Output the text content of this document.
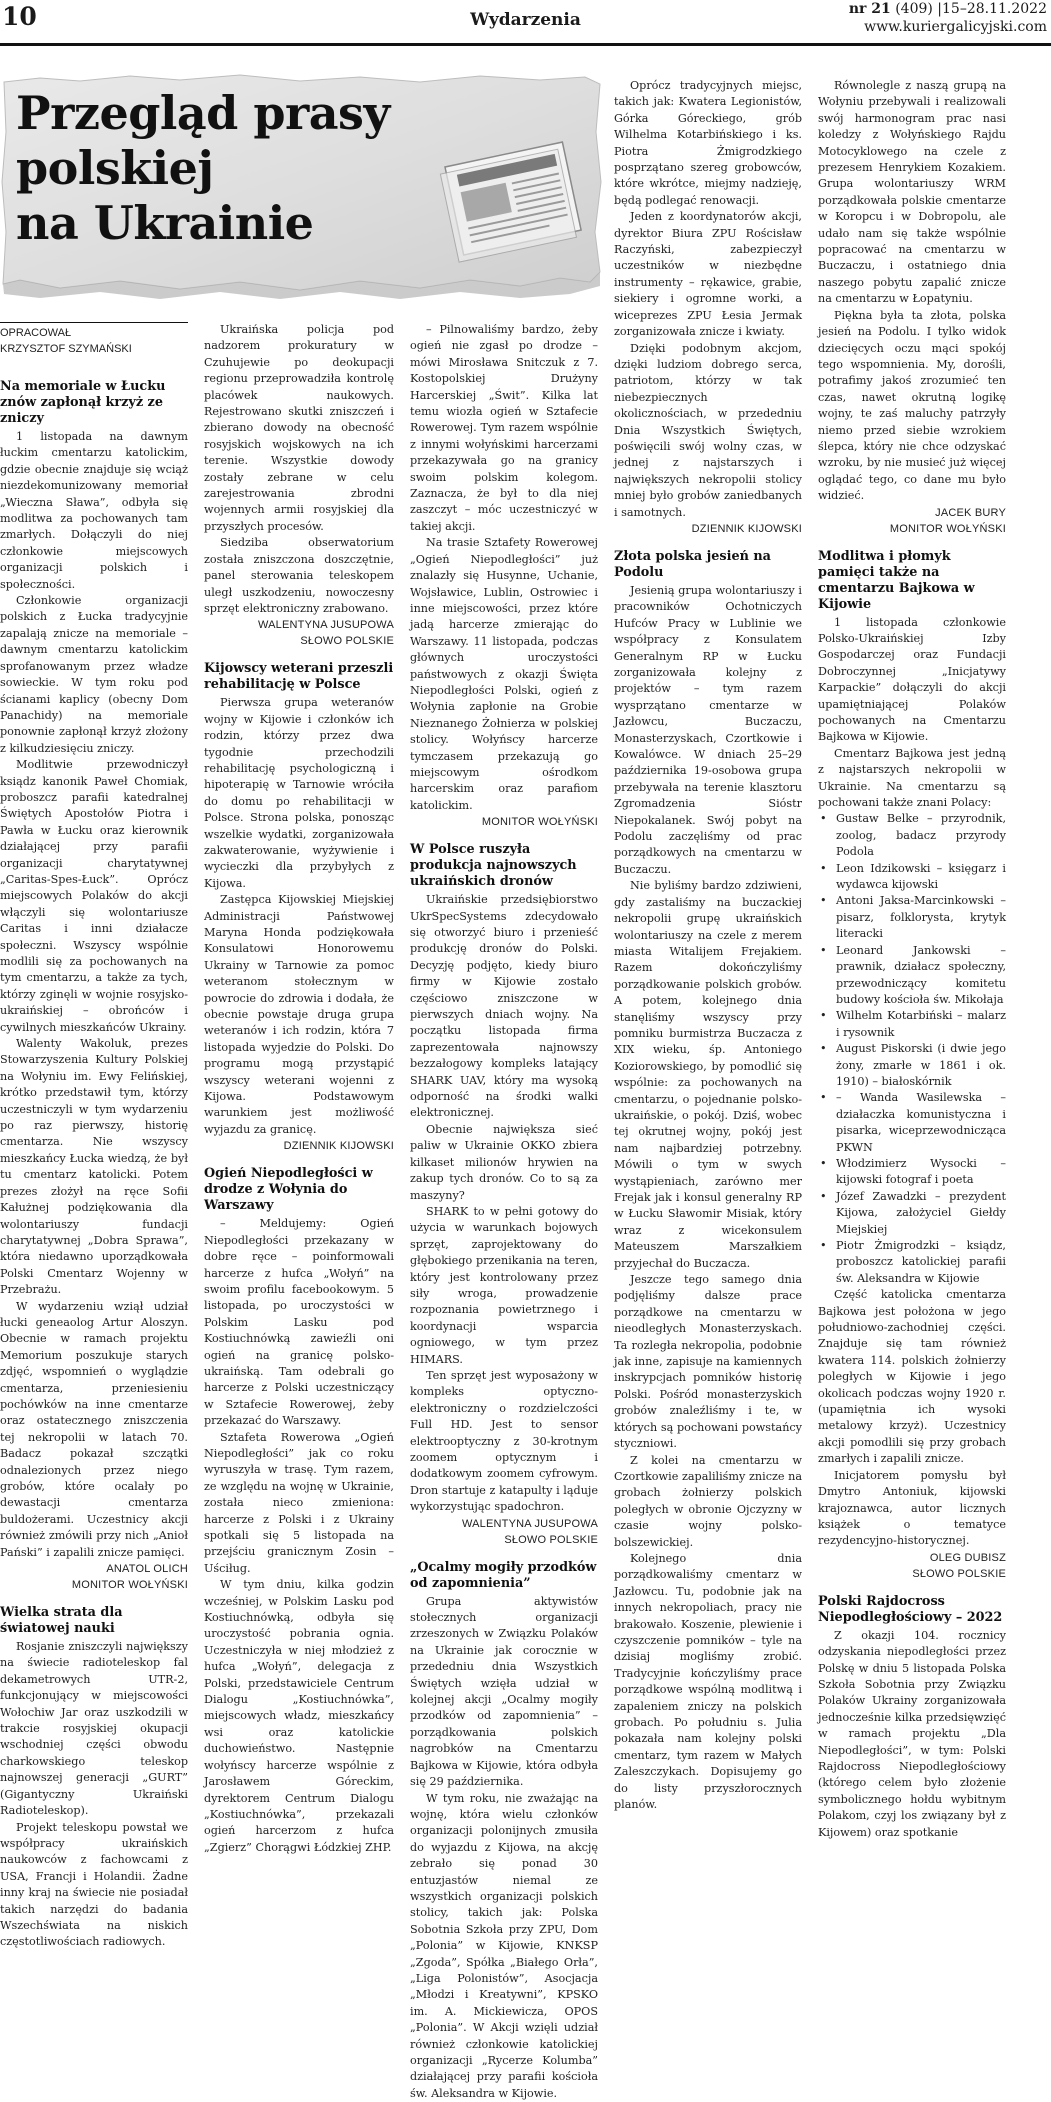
10	Wydarzenia
nr 21 (409) |15–28.11.2022
www.kuriergalicyjski.com
Przegląd prasy
polskiej
na Ukrainie
OPRACOWAŁ
KRZYSZTOF SZYMAŃSKI
Na memoriale w Łucku znów zapłonął krzyż ze zniczy

1 listopada na dawnym łuckim cmentarzu katolickim, gdzie obecnie znajduje się wciąż niezdekomunizowany memoriał „Wieczna Sława”, odbyła się modlitwa za pochowanych tam zmarłych. Dołączyli do niej członkowie miejscowych organizacji polskich i społeczności.

Członkowie organizacji polskich z Łucka tradycyjnie zapalają znicze na memoriale – dawnym cmentarzu katolickim sprofanowanym przez władze sowieckie. W tym roku pod ścianami kaplicy (obecny Dom Panachidy) na memoriale ponownie zapłonął krzyż złożony z kilkudziesięciu zniczy.

Modlitwie przewodniczył ksiądz kanonik Paweł Chomiak, proboszcz parafii katedralnej Świętych Apostołów Piotra i Pawła w Łucku oraz kierownik działającej przy parafii organizacji charytatywnej „Caritas-Spes-Łuck”. Oprócz miejscowych Polaków do akcji włączyli się wolontariusze Caritas i inni działacze społeczni. Wszyscy wspólnie modlili się za pochowanych na tym cmentarzu, a także za tych, którzy zginęli w wojnie rosyjsko-ukraińskiej – obrońców i cywilnych mieszkańców Ukrainy.

Walenty Wakoluk, prezes Stowarzyszenia Kultury Polskiej na Wołyniu im. Ewy Felińskiej, krótko przedstawił tym, którzy uczestniczyli w tym wydarzeniu po raz pierwszy, historię cmentarza. Nie wszyscy mieszkańcy Łucka wiedzą, że był tu cmentarz katolicki. Potem prezes złożył na ręce Sofii Kałużnej podziękowania dla wolontariuszy fundacji charytatywnej „Dobra Sprawa”, która niedawno uporządkowała Polski Cmentarz Wojenny w Przebrażu.

W wydarzeniu wziął udział łucki geneaolog Artur Aloszyn. Obecnie w ramach projektu Memorium poszukuje starych zdjęć, wspomnień o wyglądzie cmentarza, przeniesieniu pochówków na inne cmentarze oraz ostatecznego zniszczenia tej nekropolii w latach 70. Badacz pokazał szczątki odnalezionych przez niego grobów, które ocalały po dewastacji cmentarza buldożerami. Uczestnicy akcji również zmówili przy nich „Anioł Pański” i zapalili znicze pamięci.

ANATOL OLICH
MONITOR WOŁYŃSKI
Wielka strata dla światowej nauki

Rosjanie zniszczyli największy na świecie radioteleskop fal dekametrowych UTR-2, funkcjonujący w miejscowości Wołochiw Jar oraz uszkodzili w trakcie rosyjskiej okupacji wschodniej części obwodu charkowskiego teleskop najnowszej generacji „GURT” (Gigantyczny Ukraiński Radioteleskop).

Projekt teleskopu powstał we współpracy ukraińskich naukowców z fachowcami z USA, Francji i Holandii. Żadne inny kraj na świecie nie posiadał takich narzędzi do badania Wszechświata na niskich częstotliwościach radiowych.

Ukraińska policja pod nadzorem prokuratury w Czuhujewie po deokupacji regionu przeprowadziła kontrolę placówek naukowych. Rejestrowano skutki zniszczeń i zbierano dowody na obecność rosyjskich wojskowych na ich terenie. Wszystkie dowody zostały zebrane w celu zarejestrowania zbrodni wojennych armii rosyjskiej dla przyszłych procesów.

Siedziba obserwatorium została zniszczona doszczętnie, panel sterowania teleskopem uległ uszkodzeniu, nowoczesny sprzęt elektroniczny zrabowano.

WALENTYNA JUSUPOWA
SŁOWO POLSKIE
Kijowscy weterani przeszli rehabilitację w Polsce

Pierwsza grupa weteranów wojny w Kijowie i członków ich rodzin, którzy przez dwa tygodnie przechodzili rehabilitację psychologiczną i hipoterapię w Tarnowie wróciła do domu po rehabilitacji w Polsce. Strona polska, ponosząc wszelkie wydatki, zorganizowała zakwaterowanie, wyżywienie i wycieczki dla przybyłych z Kijowa.

Zastępca Kijowskiej Miejskiej Administracji Państwowej Maryna Honda podziękowała Konsulatowi Honorowemu Ukrainy w Tarnowie za pomoc weteranom stołecznym w powrocie do zdrowia i dodała, że obecnie powstaje druga grupa weteranów i ich rodzin, która 7 listopada wyjedzie do Polski. Do programu mogą przystąpić wszyscy weterani wojenni z Kijowa. Podstawowym warunkiem jest możliwość wyjazdu za granicę.

DZIENNIK KIJOWSKI
Ogień Niepodległości w drodze z Wołynia do Warszawy

– Meldujemy: Ogień Niepodległości przekazany w dobre ręce – poinformowali harcerze z hufca „Wołyń” na swoim profilu facebookowym. 5 listopada, po uroczystości w Polskim Lasku pod Kostiuchnówką zawieźli oni ogień na granicę polsko-ukraińską. Tam odebrali go harcerze z Polski uczestniczący w Sztafecie Rowerowej, żeby przekazać do Warszawy.

Sztafeta Rowerowa „Ogień Niepodległości” jak co roku wyruszyła w trasę. Tym razem, ze względu na wojnę w Ukrainie, została nieco zmieniona: harcerze z Polski i z Ukrainy spotkali się 5 listopada na przejściu granicznym Zosin – Uściług.

W tym dniu, kilka godzin wcześniej, w Polskim Lasku pod Kostiuchnówką, odbyła się uroczystość pobrania ognia. Uczestniczyła w niej młodzież z hufca „Wołyń”, delegacja z Polski, przedstawiciele Centrum Dialogu „Kostiuchnówka”, miejscowych władz, mieszkańcy wsi oraz katolickie duchowieństwo. Następnie wołyńscy harcerze wspólnie z Jarosławem Góreckim, dyrektorem Centrum Dialogu „Kostiuchnówka”, przekazali ogień harcerzom z hufca „Zgierz” Chorągwi Łódzkiej ZHP.

– Pilnowaliśmy bardzo, żeby ogień nie zgasł po drodze – mówi Mirosława Snitczuk z 7. Kostopolskiej Drużyny Harcerskiej „Świt”. Kilka lat temu wiozła ogień w Sztafecie Rowerowej. Tym razem wspólnie z innymi wołyńskimi harcerzami przekazywała go na granicy swoim polskim kolegom. Zaznacza, że był to dla niej zaszczyt – móc uczestniczyć w takiej akcji.

Na trasie Sztafety Rowerowej „Ogień Niepodległości” już znalazły się Husynne, Uchanie, Wojsławice, Lublin, Ostrowiec i inne miejscowości, przez które jadą harcerze zmierając do Warszawy. 11 listopada, podczas głównych uroczystości państwowych z okazji Święta Niepodległości Polski, ogień z Wołynia zapłonie na Grobie Nieznanego Żołnierza w polskiej stolicy. Wołyńscy harcerze tymczasem przekazują go miejscowym ośrodkom harcerskim oraz parafiom katolickim.

MONITOR WOŁYŃSKI
W Polsce ruszyła produkcja najnowszych ukraińskich dronów

Ukraińskie przedsiębiorstwo UkrSpecSystems zdecydowało się otworzyć biuro i przenieść produkcję dronów do Polski. Decyzję podjęto, kiedy biuro firmy w Kijowie zostało częściowo zniszczone w pierwszych dniach wojny. Na początku listopada firma zaprezentowała najnowszy bezzałogowy kompleks latający SHARK UAV, który ma wysoką odporność na środki walki elektronicznej.

Obecnie największa sieć paliw w Ukrainie OKKO zbiera kilkaset milionów hrywien na zakup tych dronów. Co to są za maszyny?

SHARK to w pełni gotowy do użycia w warunkach bojowych sprzęt, zaprojektowany do głębokiego przenikania na teren, który jest kontrolowany przez siły wroga, prowadzenie rozpoznania powietrznego i koordynacji wsparcia ogniowego, w tym przez HIMARS.

Ten sprzęt jest wyposażony w kompleks optyczno-elektroniczny o rozdzielczości Full HD. Jest to sensor elektrooptyczny z 30-krotnym zoomem optycznym i dodatkowym zoomem cyfrowym. Dron startuje z katapulty i ląduje wykorzystując spadochron.

WALENTYNA JUSUPOWA
SŁOWO POLSKIE
„Ocalmy mogiły przodków od zapomnienia”

Grupa aktywistów stołecznych organizacji zrzeszonych w Związku Polaków na Ukrainie jak corocznie w przededniu dnia Wszystkich Świętych wzięła udział w kolejnej akcji „Ocalmy mogiły przodków od zapomnienia” – porządkowania polskich nagrobków na Cmentarzu Bajkowa w Kijowie, która odbyła się 29 października.

W tym roku, nie zważając na wojnę, która wielu członków organizacji polonijnych zmusiła do wyjazdu z Kijowa, na akcję zebrało się ponad 30 entuzjastów niemal ze wszystkich organizacji polskich stolicy, takich jak: Polska Sobotnia Szkoła przy ZPU, Dom „Polonia” w Kijowie, KNKSP „Zgoda”, Spółka „Białego Orła”, „Liga Polonistów”, Asocjacja „Młodzi i Kreatywni”, KPSKO im. A. Mickiewicza, OPOS „Polonia”. W Akcji wzięli udział również członkowie katolickiej organizacji „Rycerze Kolumba” działającej przy parafii kościoła św. Aleksandra w Kijowie.

Oprócz tradycyjnych miejsc, takich jak: Kwatera Legionistów, Górka Góreckiego, grób Wilhelma Kotarbińskiego i ks. Piotra Żmigrodzkiego posprzątano szereg grobowców, które wkrótce, miejmy nadzieję, będą podlegać renowacji.

Jeden z koordynatorów akcji, dyrektor Biura ZPU Rościsław Raczyński, zabezpieczył uczestników w niezbędne instrumenty – rękawice, grabie, siekiery i ogromne worki, a wiceprezes ZPU Łesia Jermak zorganizowała znicze i kwiaty.

Dzięki podobnym akcjom, dzięki ludziom dobrego serca, patriotom, którzy w tak niebezpiecznych okolicznościach, w przededniu Dnia Wszystkich Świętych, poświęcili swój wolny czas, w jednej z najstarszych i największych nekropolii stolicy mniej było grobów zaniedbanych i samotnych.

DZIENNIK KIJOWSKI
Złota polska jesień na Podolu

Jesienią grupa wolontariuszy i pracowników Ochotniczych Hufców Pracy w Lublinie we współpracy z Konsulatem Generalnym RP w Łucku zorganizowała kolejny z projektów – tym razem wysprzątano cmentarze w Jazłowcu, Buczaczu, Monasterzyskach, Czortkowie i Kowalówce. W dniach 25–29 października 19-osobowa grupa przebywała na terenie klasztoru Zgromadzenia Sióstr Niepokalanek. Swój pobyt na Podolu zaczęliśmy od prac porządkowych na cmentarzu w Buczaczu.

Nie byliśmy bardzo zdziwieni, gdy zastaliśmy na buczackiej nekropolii grupę ukraińskich wolontariuszy na czele z merem miasta Witalijem Frejakiem. Razem dokończyliśmy porządkowanie polskich grobów. A potem, kolejnego dnia stanęliśmy wszyscy przy pomniku burmistrza Buczacza z XIX wieku, śp. Antoniego Koziorowskiego, by pomodlić się wspólnie: za pochowanych na cmentarzu, o pojednanie polsko-ukraińskie, o pokój. Dziś, wobec tej okrutnej wojny, pokój jest nam najbardziej potrzebny. Mówili o tym w swych wystąpieniach, zarówno mer Frejak jak i konsul generalny RP w Łucku Sławomir Misiak, który wraz z wicekonsulem Mateuszem Marszałkiem przyjechał do Buczacza.

Jeszcze tego samego dnia podjęliśmy dalsze prace porządkowe na cmentarzu w nieodległych Monasterzyskach. Ta rozległa nekropolia, podobnie jak inne, zapisuje na kamiennych inskrypcjach pomników historię Polski. Pośród monasterzyskich grobów znaleźliśmy i te, w których są pochowani powstańcy styczniowi.

Z kolei na cmentarzu w Czortkowie zapaliliśmy znicze na grobach żołnierzy polskich poległych w obronie Ojczyzny w czasie wojny polsko-bolszewickiej.

Kolejnego dnia porządkowaliśmy cmentarz w Jazłowcu. Tu, podobnie jak na innych nekropoliach, pracy nie brakowało. Koszenie, plewienie i czyszczenie pomników – tyle na dzisiaj mogliśmy zrobić. Tradycyjnie kończyliśmy prace porządkowe wspólną modlitwą i zapaleniem zniczy na polskich grobach. Po południu s. Julia pokazała nam kolejny polski cmentarz, tym razem w Małych Zaleszczykach. Dopisujemy go do listy przyszłorocznych planów.

Równolegle z naszą grupą na Wołyniu przebywali i realizowali swój harmonogram prac nasi koledzy z Wołyńskiego Rajdu Motocyklowego na czele z prezesem Henrykiem Kozakiem. Grupa wolontariuszy WRM porządkowała polskie cmentarze w Koropcu i w Dobropolu, ale udało nam się także wspólnie popracować na cmentarzu w Buczaczu, i ostatniego dnia naszego pobytu zapalić znicze na cmentarzu w Łopatyniu.

Piękna była ta złota, polska jesień na Podolu. I tylko widok dziecięcych oczu mąci spokój tego wspomnienia. My, dorośli, potrafimy jakoś zrozumieć ten czas, nawet okrutną logikę wojny, te zaś maluchy patrzyły niemo przed siebie wzrokiem ślepca, który nie chce odzyskać wzroku, by nie musieć już więcej oglądać tego, co dane mu było widzieć.

JACEK BURY
MONITOR WOŁYŃSKI
Modlitwa i płomyk pamięci także na cmentarzu Bajkowa w Kijowie

1 listopada członkowie Polsko-Ukraińskiej Izby Gospodarczej oraz Fundacji Dobroczynnej „Inicjatywy Karpackie” dołączyli do akcji upamiętniającej Polaków pochowanych na Cmentarzu Bajkowa w Kijowie.

Cmentarz Bajkowa jest jedną z najstarszych nekropolii w Ukrainie. Na cmentarzu są pochowani także znani Polacy:

• Gustaw Belke – przyrodnik, zoolog, badacz przyrody Podola
• Leon Idzikowski – księgarz i wydawca kijowski
• Antoni Jaksa-Marcinkowski – pisarz, folklorysta, krytyk literacki
• Leonard Jankowski – prawnik, działacz społeczny, przewodniczący komitetu budowy kościoła św. Mikołaja
• Wilhelm Kotarbiński – malarz i rysownik
• August Piskorski (i dwie jego żony, zmarłe w 1861 i ok. 1910) – białoskórnik
• – Wanda Wasilewska – działaczka komunistyczna i pisarka, wiceprzewodnicząca PKWN
• Włodzimierz Wysocki – kijowski fotograf i poeta
• Józef Zawadzki – prezydent Kijowa, założyciel Giełdy Miejskiej
• Piotr Żmigrodzki – ksiądz, proboszcz katolickiej parafii św. Aleksandra w Kijowie

Część katolicka cmentarza Bajkowa jest położona w jego południowo-zachodniej części. Znajduje się tam również kwatera 114. polskich żołnierzy poległych w Kijowie i jego okolicach podczas wojny 1920 r. (upamiętnia ich wysoki metalowy krzyż). Uczestnicy akcji pomodlili się przy grobach zmarłych i zapalili znicze.

Inicjatorem pomysłu był Dmytro Antoniuk, kijowski krajoznawca, autor licznych książek o tematyce rezydencyjno-historycznej.

OLEG DUBISZ
SŁOWO POLSKIE
Polski Rajdocross Niepodległościowy – 2022

Z okazji 104. rocznicy odzyskania niepodległości przez Polskę w dniu 5 listopada Polska Szkoła Sobotnia przy Związku Polaków Ukrainy zorganizowała jednocześnie kilka przedsięwzięć w ramach projektu „Dla Niepodległości”, w tym: Polski Rajdocross Niepodległościowy (którego celem było złożenie symbolicznego hołdu wybitnym Polakom, czyj los związany był z Kijowem) oraz spotkanie
